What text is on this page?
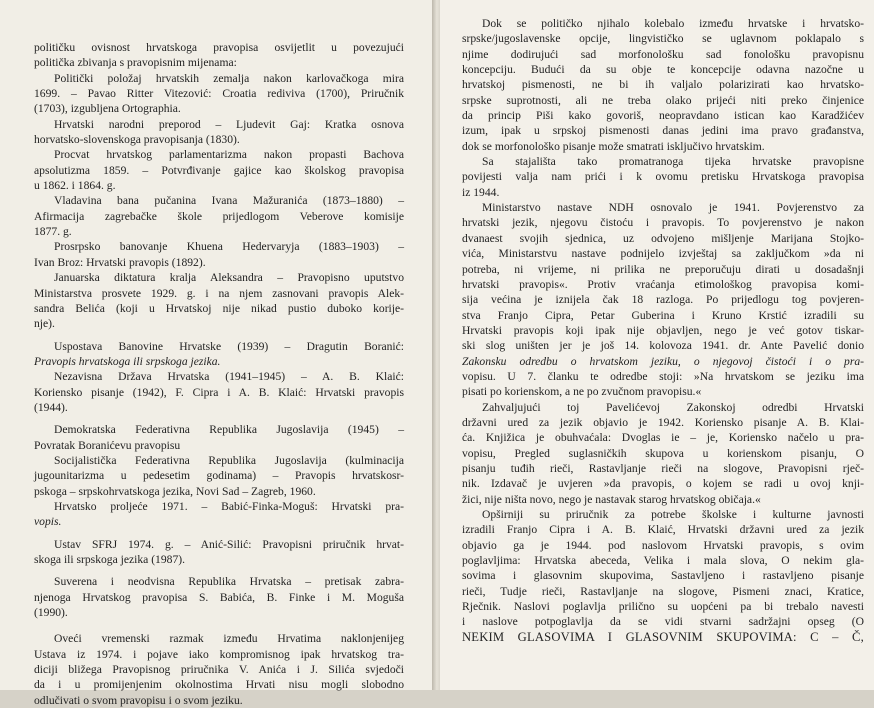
političku ovisnost hrvatskoga pravopisa osvijetlit u povezujući
politička zbivanja s pravopisnim mijenama:
Politički položaj hrvatskih zemalja nakon karlovačkoga mira
1699. – Pavao Ritter Vitezović: Croatia rediviva (1700), Priručnik
(1703), izgubljena Ortographia.
Hrvatski narodni preporod – Ljudevit Gaj: Kratka osnova
horvatsko-slovenskoga pravopisanja (1830).
Procvat hrvatskog parlamentarizma nakon propasti Bachova
apsolutizma 1859. – Potvrđivanje gajice kao školskog pravopisa
u 1862. i 1864. g.
Vladavina bana pučanina Ivana Mažuranića (1873–1880) –
Afirmacija zagrebačke škole prijedlogom Veberove komisije
1877. g.
Prosrpsko banovanje Khuena Hedervaryja (1883–1903) –
Ivan Broz: Hrvatski pravopis (1892).
Januarska diktatura kralja Aleksandra – Pravopisno uputstvo
Ministarstva prosvete 1929. g. i na njem zasnovani pravopis Alek-
sandra Belića (koji u Hrvatskoj nije nikad pustio duboko korije-
nje).
Uspostava Banovine Hrvatske (1939) – Dragutin Boranić:
Pravopis hrvatskoga ili srpskoga jezika.
Nezavisna Država Hrvatska (1941–1945) – A. B. Klaić:
Koriensko pisanje (1942), F. Cipra i A. B. Klaić: Hrvatski pravopis
(1944).
Demokratska Federativna Republika Jugoslavija (1945) –
Povratak Boranićevu pravopisu
Socijalistička Federativna Republika Jugoslavija (kulminacija
jugounitarizma u pedesetim godinama) – Pravopis hrvatskosr-
pskoga – srpskohrvatskoga jezika, Novi Sad – Zagreb, 1960.
Hrvatsko proljeće 1971. – Babić-Finka-Moguš: Hrvatski pra-
vopis.
Ustav SFRJ 1974. g. – Anić-Silić: Pravopisni priručnik hrvat-
skoga ili srpskoga jezika (1987).
Suverena i neodvisna Republika Hrvatska – pretisak zabra-
njenoga Hrvatskog pravopisa S. Babića, B. Finke i M. Moguša
(1990).
Oveći vremenski razmak između Hrvatima naklonjenijeg
Ustava iz 1974. i pojave iako kompromisnog ipak hrvatskog tra-
diciji bližega Pravopisnog priručnika V. Anića i J. Silića svjedoči
da i u promijenjenim okolnostima Hrvati nisu mogli slobodno
odlučivati o svom pravopisu i o svom jeziku.
Dok se političko njihalo kolebalo između hrvatske i hrvatsko-
srpske/jugoslavenske opcije, lingvističko se uglavnom poklapalo s
njime dodirujući sad morfonološku sad fonološku pravopisnu
koncepciju. Budući da su obje te koncepcije odavna nazočne u
hrvatskoj pismenosti, ne bi ih valjalo polarizirati kao hrvatsko-
srpske suprotnosti, ali ne treba olako prijeći niti preko činjenice
da princip Piši kako govoriš, neopravdano istican kao Karadžićev
izum, ipak u srpskoj pismenosti danas jedini ima pravo građanstva,
dok se morfonološko pisanje može smatrati isključivo hrvatskim.
Sa stajališta tako promatranoga tijeka hrvatske pravopisne
povijesti valja nam prići i k ovomu pretisku Hrvatskoga pravopisa
iz 1944.
Ministarstvo nastave NDH osnovalo je 1941. Povjerenstvo za
hrvatski jezik, njegovu čistoću i pravopis. To povjerenstvo je nakon
dvanaest svojih sjednica, uz odvojeno mišljenje Marijana Stojko-
vića, Ministarstvu nastave podnijelo izvještaj sa zaključkom »da ni
potreba, ni vrijeme, ni prilika ne preporučuju dirati u dosadašnji
hrvatski pravopis«. Protiv vraćanja etimološkog pravopisa komi-
sija većina je iznijela čak 18 razloga. Po prijedlogu tog povjeren-
stva Franjo Cipra, Petar Guberina i Kruno Krstić izradili su
Hrvatski pravopis koji ipak nije objavljen, nego je već gotov tiskar-
ski slog uništen jer je još 14. kolovoza 1941. dr. Ante Pavelić donio
Zakonsku odredbu o hrvatskom jeziku, o njegovoj čistoći i o pra-
vopisu. U 7. članku te odredbe stoji: »Na hrvatskom se jeziku ima
pisati po korienskom, a ne po zvučnom pravopisu.«
Zahvaljujući toj Pavelićevoj Zakonskoj odredbi Hrvatski
državni ured za jezik objavio je 1942. Koriensko pisanje A. B. Klai-
ća. Knjižica je obuhvaćala: Dvoglas ie – je, Koriensko načelo u pra-
vopisu, Pregled suglasničkih skupova u korienskom pisanju, O
pisanju tuđih rieči, Rastavljanje rieči na slogove, Pravopisni rječ-
nik. Izdavač je uvjeren »da pravopis, o kojem se radi u ovoj knji-
žici, nije ništa novo, nego je nastavak starog hrvatskog običaja.«
Opširniji su priručnik za potrebe školske i kulturne javnosti
izradili Franjo Cipra i A. B. Klaić, Hrvatski državni ured za jezik
objavio ga je 1944. pod naslovom Hrvatski pravopis, s ovim
poglavljima: Hrvatska abeceda, Velika i mala slova, O nekim gla-
sovima i glasovnim skupovima, Sastavljeno i rastavljeno pisanje
rieči, Tudje rieči, Rastavljanje na slogove, Pismeni znaci, Kratice,
Rječnik. Naslovi poglavlja prilično su uopćeni pa bi trebalo navesti
i naslove potpoglavlja da se vidi stvarni sadržajni opseg (O
NEKIM GLASOVIMA I GLASOVNIM SKUPOVIMA: C – Č,
